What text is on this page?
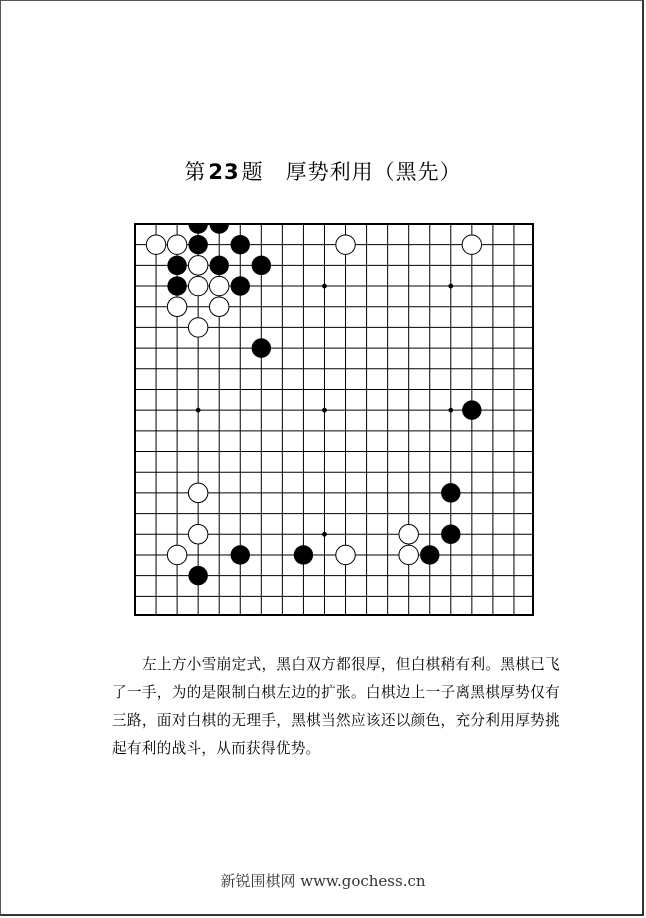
第23题 厚势利用（黑先）
左上方小雪崩定式，黑白双方都很厚，但白棋稍有利。黑棋已飞了一手，为的是限制白棋左边的扩张。白棋边上一子离黑棋厚势仅有三路，面对白棋的无理手，黑棋当然应该还以颜色，充分利用厚势挑起有利的战斗，从而获得优势。
新锐围棋网 www.gochess.cn
